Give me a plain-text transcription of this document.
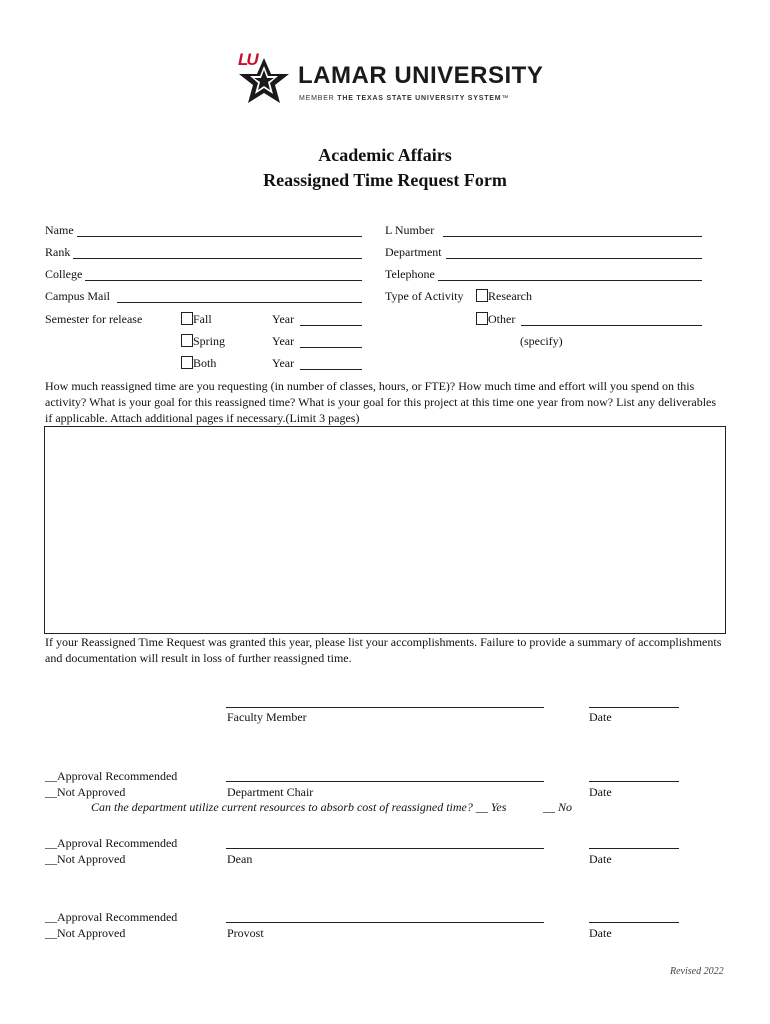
LU
LAMAR UNIVERSITY
MEMBER THE TEXAS STATE UNIVERSITY SYSTEM™
Academic Affairs
Reassigned Time Request Form
Name	L Number
Rank	Department
College	Telephone
Campus Mail	Type of Activity Research
Semester for release	Fall	Year	Other
Spring	Year	(specify)
Both	Year
How much reassigned time are you requesting (in number of classes, hours, or FTE)? How much time and effort will you spend on this activity? What is your goal for this reassigned time? What is your goal for this project at this time one year from now? List any deliverables if applicable. Attach additional pages if necessary.(Limit 3 pages)
If your Reassigned Time Request was granted this year, please list your accomplishments. Failure to provide a summary of accomplishments and documentation will result in loss of further reassigned time.
Faculty Member	Date
__Approval Recommended
__Not Approved	Department Chair	Date
Can the department utilize current resources to absorb cost of reassigned time? __ Yes	__ No
__Approval Recommended
__Not Approved	Dean	Date
__Approval Recommended
__Not Approved	Provost	Date
Revised 2022
